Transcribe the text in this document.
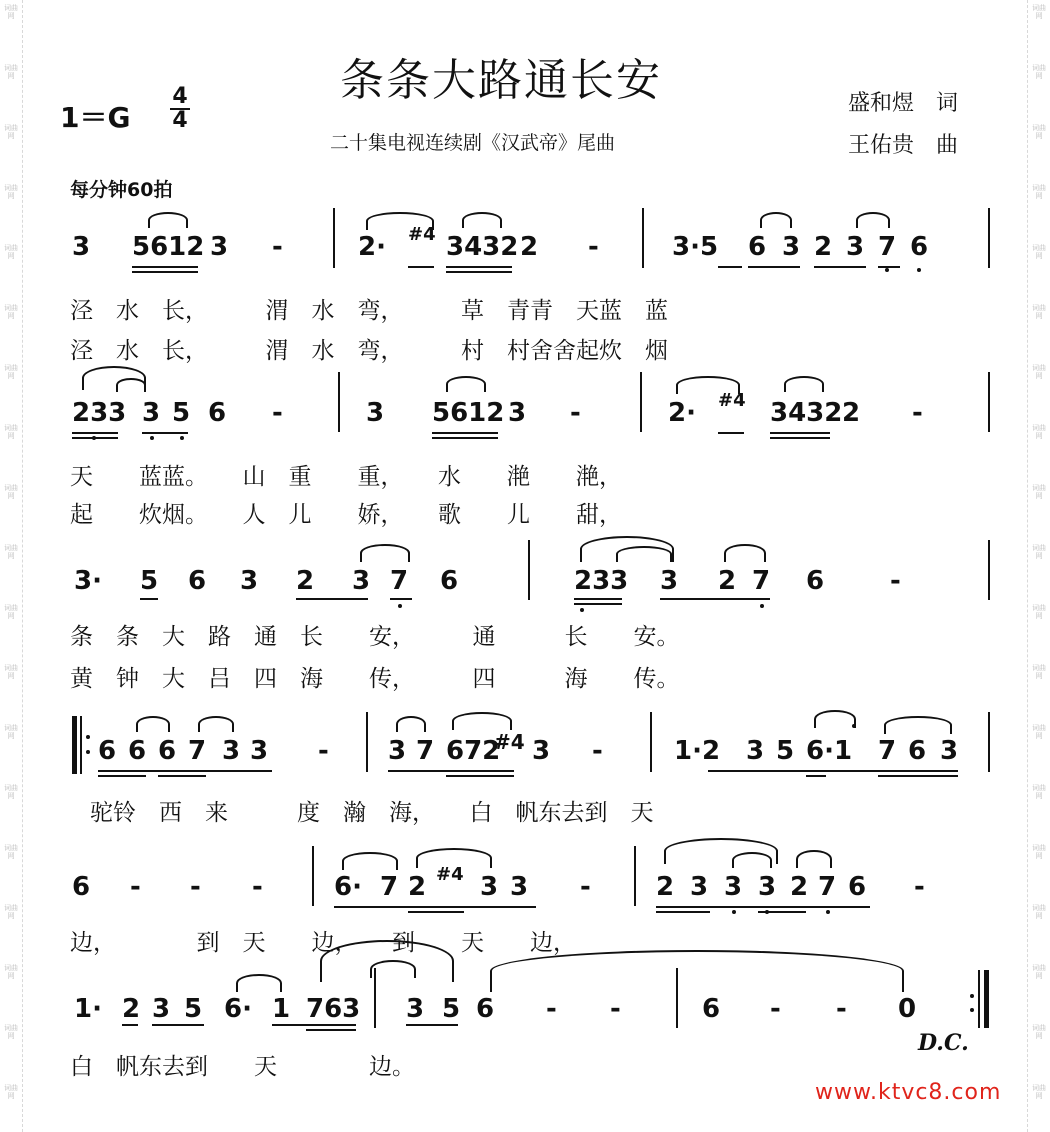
词曲网
词曲网
词曲网
词曲网
词曲网
词曲网
词曲网
词曲网
词曲网
词曲网
词曲网
词曲网
词曲网
词曲网
词曲网
词曲网
词曲网
词曲网
词曲网
词曲网
词曲网
词曲网
词曲网
词曲网
词曲网
词曲网
词曲网
词曲网
词曲网
词曲网
词曲网
词曲网
词曲网
词曲网
词曲网
词曲网
词曲网
词曲网
1＝G
4
4
条条大路通长安
二十集电视连续剧《汉武帝》尾曲
盛和煜　词
王佑贵　曲
每分钟60拍
3 5612 3 -	2· #4 3432 2 -	3·5 6 3 2 3 7 6
泾　水　长，　　　渭　水　弯，　　　草　青青　天蓝　蓝
泾　水　长，　　　渭　水　弯，　　　村　村舍舍起炊　烟
233 3 5 6 -	3 5612 3 -	2· #4 3432 2 -
天　　蓝蓝。　　山　重　　重，　　水　　滟　　滟，
起　　炊烟。　　人　儿　　娇，　　歌　　儿　　甜，
3· 5 6 3 2 3 7 6	233 3 2 7 6	-
条　条　大　路　通　长　　安，　　　通　　　长　　安。
黄　钟　大　吕　四　海　　传，　　　四　　　海　　传。
6 6 6 7 3 3 - 3 7 672
#4 3 -	1·2 3 5 6·1 7 6 3
驼铃　西　来　　　度　瀚　海，　　白　帆东去到　天
6 - - -	6· 7 2 #4 3 3 -	2 3 3 3 2 7 6 -
边，　　　　到　天　　边，　　到　　天　　边，
1· 2 3 5 6· 1 763 3 5 6 - -	6 - - 0
D.C.
白　帆东去到　　天　　　　边。
www.ktvc8.com
